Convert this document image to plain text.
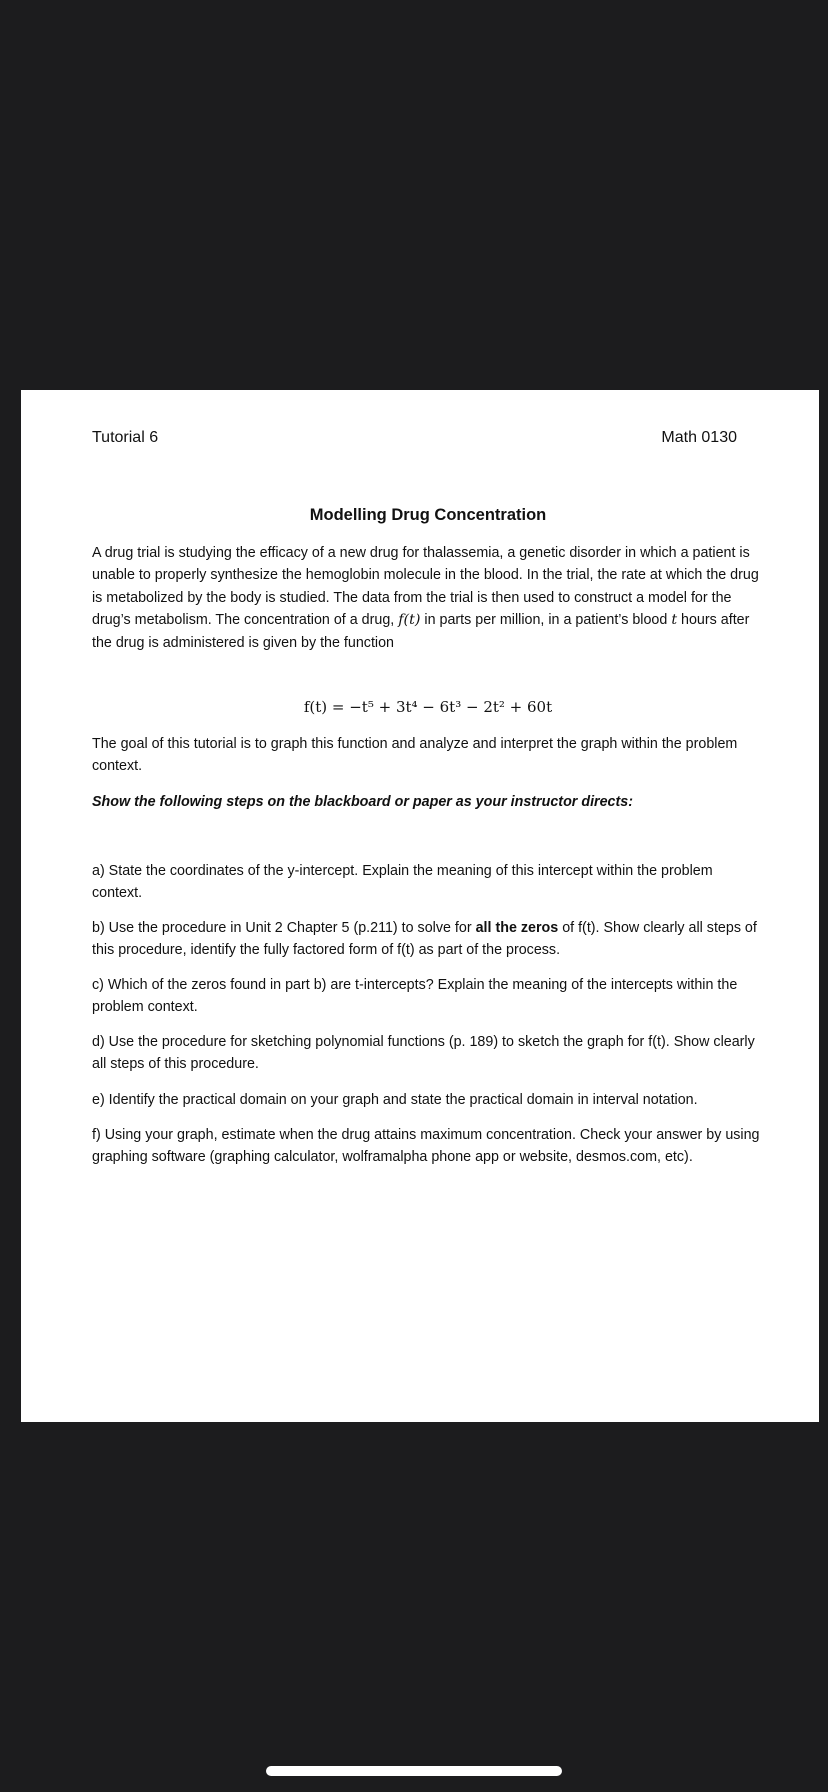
Tutorial 6	Math 0130
Modelling Drug Concentration

A drug trial is studying the efficacy of a new drug for thalassemia, a genetic disorder in which a patient is unable to properly synthesize the hemoglobin molecule in the blood. In the trial, the rate at which the drug is metabolized by the body is studied. The data from the trial is then used to construct a model for the drug’s metabolism. The concentration of a drug, f(t) in parts per million, in a patient’s blood t hours after the drug is administered is given by the function

f(t) = −t⁵ + 3t⁴ − 6t³ − 2t² + 60t

The goal of this tutorial is to graph this function and analyze and interpret the graph within the problem context.

Show the following steps on the blackboard or paper as your instructor directs:

a) State the coordinates of the y-intercept. Explain the meaning of this intercept within the problem context.

b) Use the procedure in Unit 2 Chapter 5 (p.211) to solve for all the zeros of f(t). Show clearly all steps of this procedure, identify the fully factored form of f(t) as part of the process.

c) Which of the zeros found in part b) are t-intercepts? Explain the meaning of the intercepts within the problem context.

d) Use the procedure for sketching polynomial functions (p. 189) to sketch the graph for f(t). Show clearly all steps of this procedure.

e) Identify the practical domain on your graph and state the practical domain in interval notation.

f) Using your graph, estimate when the drug attains maximum concentration. Check your answer by using graphing software (graphing calculator, wolframalpha phone app or website, desmos.com, etc).
